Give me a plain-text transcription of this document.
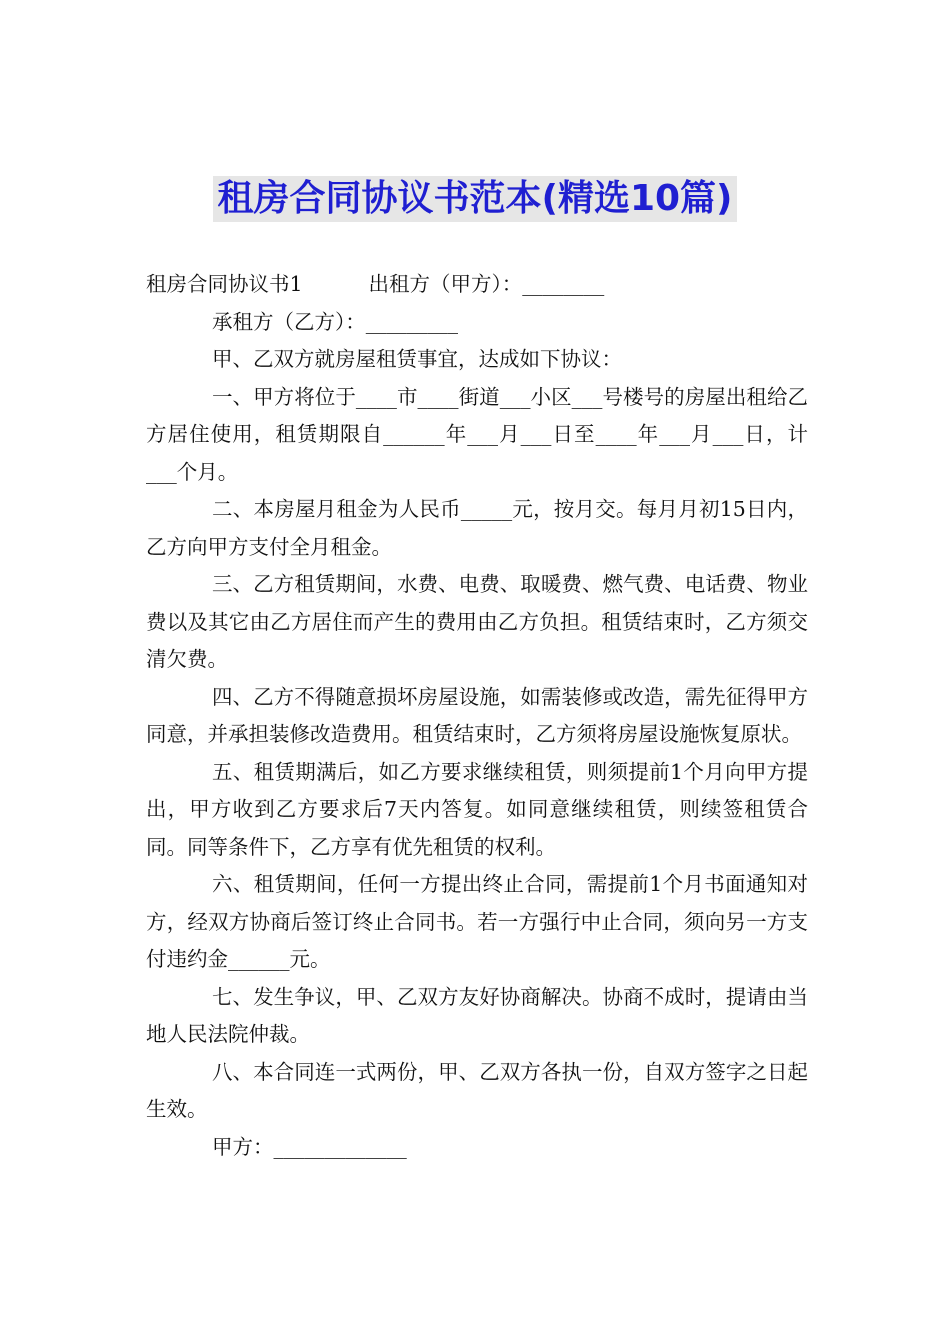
租房合同协议书范本(精选10篇)

租房合同协议书1	出租方（甲方）：________

承租方（乙方）：_________

甲、乙双方就房屋租赁事宜，达成如下协议：

一、甲方将位于____市____街道___小区___号楼号的房屋出租给乙方居住使用，租赁期限自______年___月___日至____年___月___日，计___个月。

二、本房屋月租金为人民币_____元，按月交。每月月初15日内，乙方向甲方支付全月租金。

三、乙方租赁期间，水费、电费、取暖费、燃气费、电话费、物业费以及其它由乙方居住而产生的费用由乙方负担。租赁结束时，乙方须交清欠费。

四、乙方不得随意损坏房屋设施，如需装修或改造，需先征得甲方同意，并承担装修改造费用。租赁结束时，乙方须将房屋设施恢复原状。

五、租赁期满后，如乙方要求继续租赁，则须提前1个月向甲方提出，甲方收到乙方要求后7天内答复。如同意继续租赁，则续签租赁合同。同等条件下，乙方享有优先租赁的权利。

六、租赁期间，任何一方提出终止合同，需提前1个月书面通知对方，经双方协商后签订终止合同书。若一方强行中止合同，须向另一方支付违约金______元。

七、发生争议，甲、乙双方友好协商解决。协商不成时，提请由当地人民法院仲裁。

八、本合同连一式两份，甲、乙双方各执一份，自双方签字之日起生效。

甲方：_____________
